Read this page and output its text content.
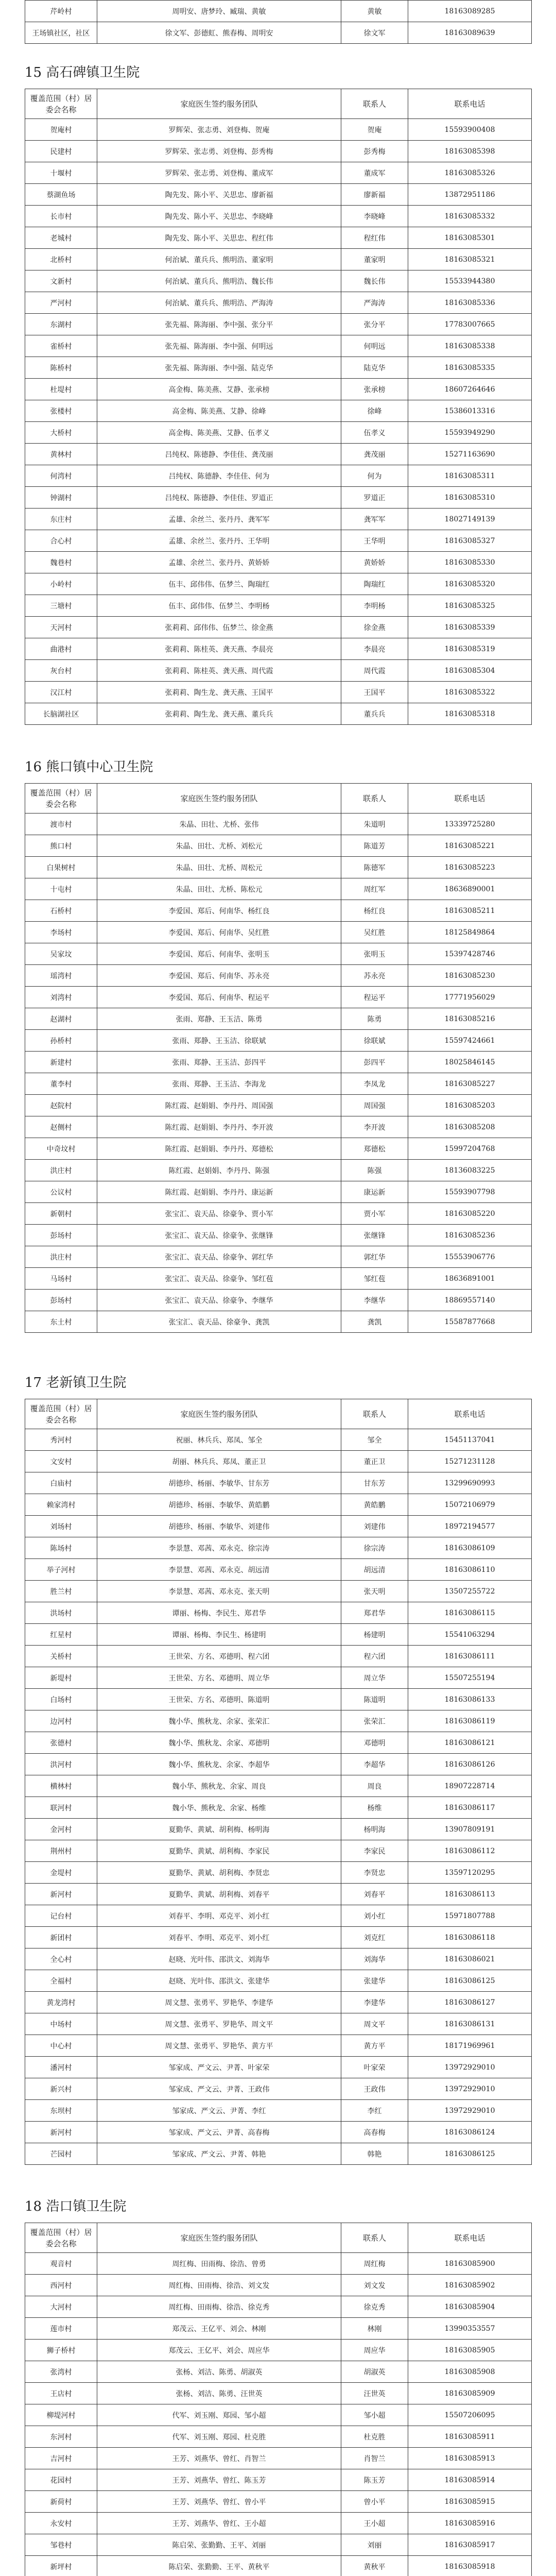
芹岭村	周明安、唐梦玲、臧瑞、黄敏	黄敏	18163089285
王场镇社区，社区	徐文军、彭德虹、熊春梅、周明安	徐文军	18163089639
15 高石碑镇卫生院
覆盖范围（村）居委会名称	家庭医生签约服务团队	联系人	联系电话
贺庵村	罗辉荣、张志勇、刘登梅、贺庵	贺庵	15593900408
民建村	罗辉荣、张志勇、刘登梅、彭秀梅	彭秀梅	18163085398
十堰村	罗辉荣、张志勇、刘登梅、董成军	董成军	18163085326
蔡湖鱼场	陶先发、陈小平、关思忠、廖新福	廖新福	13872951186
长市村	陶先发、陈小平、关思忠、李晓峰	李晓峰	18163085332
老城村	陶先发、陈小平、关思忠、程红伟	程红伟	18163085301
北桥村	何治斌、董兵兵、熊明浩、董家明	董家明	18163085321
文新村	何治斌、董兵兵、熊明浩、魏长伟	魏长伟	15533944380
严河村	何治斌、董兵兵、熊明浩、严海涛	严海涛	18163085336
东湖村	张先福、陈海丽、李中强、张分平	张分平	17783007665
雀桥村	张先福、陈海丽、李中强、何明远	何明远	18163085338
陈桥村	张先福、陈海丽、李中强、陆克华	陆克华	18163085335
杜堤村	高金梅、陈美燕、艾静、张承榜	张承榜	18607264646
张楼村	高金梅、陈美燕、艾静、徐峰	徐峰	15386013316
大桥村	高金梅、陈美燕、艾静、伍孝义	伍孝义	15593949290
黄林村	吕纯权、陈德静、李佳佳、龚茂丽	龚茂丽	15271163690
何湾村	吕纯权、陈德静、李佳佳、何为	何为	18163085311
钟湖村	吕纯权、陈德静、李佳佳、罗道正	罗道正	18163085310
东庄村	孟雄、余丝兰、张丹丹、龚军军	龚军军	18027149139
合心村	孟雄、余丝兰、张丹丹、王华明	王华明	18163085327
魏巷村	孟雄、余丝兰、张丹丹、黄娇娇	黄娇娇	18163085330
小岭村	伍丰、邱伟伟、伍梦兰、陶瑞红	陶瑞红	18163085320
三塘村	伍丰、邱伟伟、伍梦兰、李明杨	李明杨	18163085325
天河村	张莉莉、邱伟伟、伍梦兰、徐金燕	徐金燕	18163085339
曲港村	张莉莉、陈桂英、龚天燕、李晨亮	李晨亮	18163085319
灰台村	张莉莉、陈桂英、龚天燕、周代霞	周代霞	18163085304
汉江村	张莉莉、陶生龙、龚天燕、王国平	王国平	18163085322
长脑湖社区	张莉莉、陶生龙、龚天燕、董兵兵	董兵兵	18163085318
16 熊口镇中心卫生院
覆盖范围（村）居委会名称	家庭医生签约服务团队	联系人	联系电话
渡市村	朱晶、田壮、尤桥、张伟	朱道明	13339725280
熊口村	朱晶、田壮、尤桥、刘松元	陈道芳	18163085221
白果树村	朱晶、田壮、尤桥、周松元	陈德军	18163085223
十屯村	朱晶、田壮、尤桥、陈松元	周红军	18636890001
石桥村	李爱国、郑后、何南华、杨红良	杨红良	18163085211
李场村	李爱国、郑后、何南华、吴红胜	吴红胜	18125849864
吴家坟	李爱国、郑后、何南华、张明玉	张明玉	15397428746
瑶湾村	李爱国、郑后、何南华、苏永亮	苏永亮	18163085230
刘湾村	李爱国、郑后、何南华、程运平	程运平	17771956029
赵湖村	张雨、郑静、王玉洁、陈勇	陈勇	18163085216
孙桥村	张雨、郑静、王玉洁、徐联斌	徐联斌	15597424661
新建村	张雨、郑静、王玉洁、彭四平	彭四平	18025846145
董李村	张雨、郑静、王玉洁、李海龙	李凤龙	18163085227
赵院村	陈红霞、赵娟娟、李丹丹、周国强	周国强	18163085203
赵侧村	陈红霞、赵娟娟、李丹丹、李开波	李开波	18163085208
中奇坟村	陈红霞、赵娟娟、李丹丹、郑德松	郑德松	15997204768
洪庄村	陈红霞、赵娟娟、李丹丹、陈强	陈强	18136083225
公议村	陈红霞、赵娟娟、李丹丹、康运新	康运新	15593907798
新朝村	张宝汇、袁天品、徐豪争、贾小军	贾小军	18163085220
彭场村	张宝汇、袁天品、徐豪争、张继锋	张继锋	18163085236
洪庄村	张宝汇、袁天品、徐豪争、郭红华	郭红华	15553906776
马场村	张宝汇、袁天品、徐豪争、邹红苞	邹红苞	18636891001
彭场村	张宝汇、袁天品、徐豪争、李继华	李继华	18869557140
东土村	张宝汇、袁天品、徐豪争、龚凯	龚凯	15587877668
17 老新镇卫生院
覆盖范围（村）居委会名称	家庭医生签约服务团队	联系人	联系电话
秀河村	祝丽、林兵兵、郑凤、邹全	邹全	15451137041
文安村	胡丽、林兵兵、郑凤、董正卫	董正卫	15271231128
白庙村	胡德珍、杨丽、李敏华、甘东芳	甘东芳	13299690993
赖家湾村	胡德珍、杨丽、李敏华、黄皓鹏	黄皓鹏	15072106979
刘场村	胡德珍、杨丽、李敏华、刘建伟	刘建伟	18972194577
陈场村	李景慧、邓茜、邓永克、徐宗涛	徐宗涛	18163086109
举子河村	李景慧、邓茜、邓永克、胡远清	胡远清	18163086110
胜兰村	李景慧、邓茜、邓永克、张天明	张天明	13507255722
洪场村	谭丽、杨梅、李民生、郑君华	郑君华	18163086115
红星村	谭丽、杨梅、李民生、杨建明	杨建明	15541063294
关桥村	王世荣、方名、邓德明、程六团	程六团	18163086111
新堤村	王世荣、方名、邓德明、周立华	周立华	15507255194
白场村	王世荣、方名、邓德明、陈道明	陈道明	18163086133
边河村	魏小华、熊秋龙、余家、张荣汇	张荣汇	18163086119
张德村	魏小华、熊秋龙、余家、邓德明	邓德明	18163086121
洪河村	魏小华、熊秋龙、余家、李超华	李超华	18163086126
横林村	魏小华、熊秋龙、余家、周良	周良	18907228714
联河村	魏小华、熊秋龙、余家、杨维	杨维	18163086117
金河村	夏勤华、黄斌、胡利梅、杨明海	杨明海	13907809191
荆州村	夏勤华、黄斌、胡利梅、李家民	李家民	18163086112
金堤村	夏勤华、黄斌、胡利梅、李贤忠	李贤忠	13597120295
新河村	夏勤华、黄斌、胡利梅、刘春平	刘春平	18163086113
记台村	刘春平、李明、邓克平、刘小红	刘小红	15971807788
新团村	刘春平、李明、邓克平、刘小红	刘克红	18163086118
全心村	赵晓、光叶伟、邵洪文、刘海华	刘海华	18163086021
全福村	赵晓、光叶伟、邵洪文、张建华	张建华	18163086125
黄龙湾村	周文慧、张勇平、罗艳华、李建华	李建华	18163086127
中场村	周文慧、张勇平、罗艳华、周文平	周文平	18163086131
中心村	周文慧、张勇平、罗艳华、黄方平	黄方平	18171969961
潘河村	邹家成、严文云、尹菁、叶家荣	叶家荣	13972929010
新兴村	邹家成、严文云、尹菁、王政伟	王政伟	13972929010
东坝村	邹家成、严文云、尹菁、李红	李红	13972929010
新河村	邹家成、严文云、尹菁、高春梅	高春梅	18163086124
芒园村	邹家成、严文云、尹菁、韩艳	韩艳	18163086125
18 浩口镇卫生院
覆盖范围（村）居委会名称	家庭医生签约服务团队	联系人	联系电话
观音村	周红梅、田雨梅、徐浩、曾勇	周红梅	18163085900
西河村	周红梅、田雨梅、徐浩、刘文发	刘文发	18163085902
大河村	周红梅、田雨梅、徐浩、徐克秀	徐克秀	18163085904
莲市村	郑茂云、王亿平、刘会、林刚	林刚	13990353557
狮子桥村	郑茂云、王亿平、刘会、周应华	周应华	18163085905
张湾村	张杨、刘洁、陈勇、胡淑英	胡淑英	18163085908
王店村	张杨、刘洁、陈勇、汪世英	汪世英	18163085909
柳堤河村	代军、刘玉刚、郑园、邹小超	邹小超	15507206095
东河村	代军、刘玉刚、郑园、杜克胜	杜克胜	18163085911
吉河村	王芳、刘燕华、曾红、肖智兰	肖智兰	18163085913
花园村	王芳、刘燕华、曾红、陈玉芳	陈玉芳	18163085914
新荷村	王芳、刘燕华、曾红、曾小平	曾小平	18163085915
永安村	王芳、刘燕华、曾红、王小超	王小超	18163085916
邹巷村	陈启荣、张勤勤、王平、刘丽	刘丽	18163085917
新坪村	陈启荣、张勤勤、王平、黄秋平	黄秋平	18163085918
